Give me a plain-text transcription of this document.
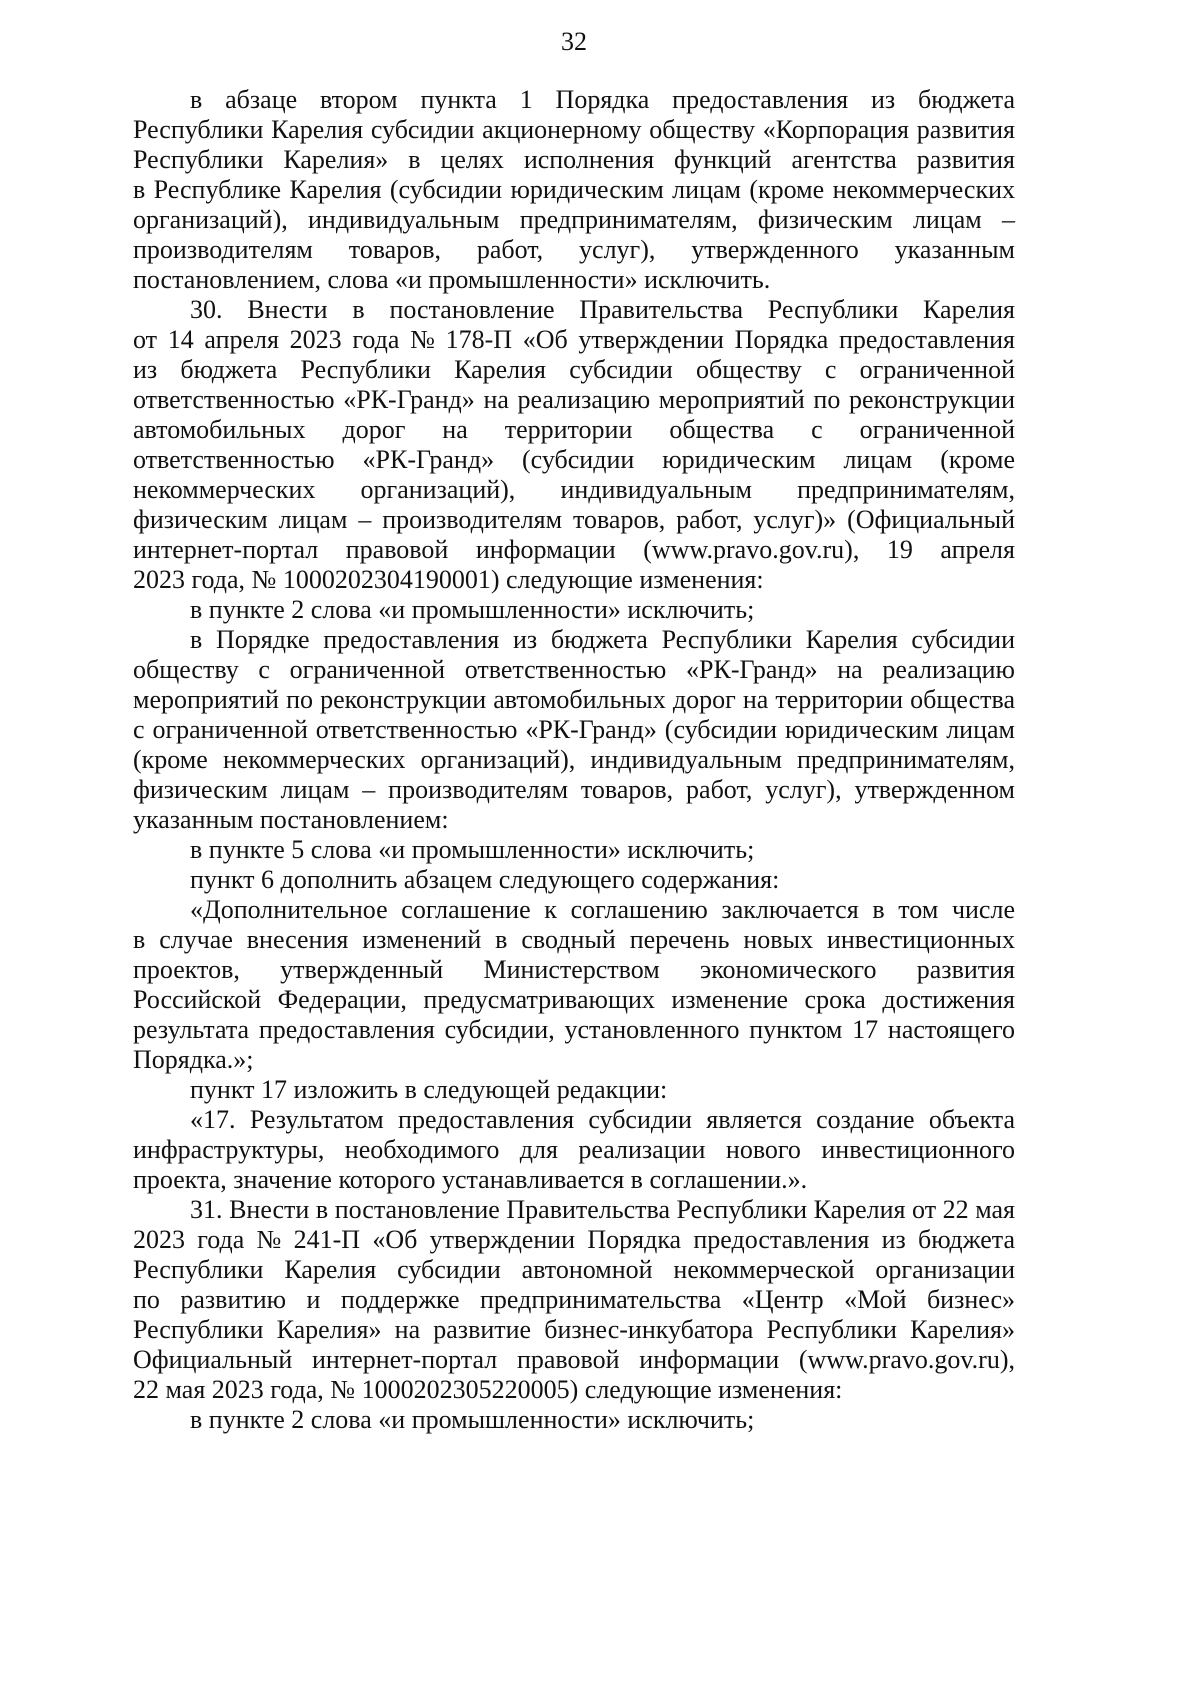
32
в абзаце втором пункта 1 Порядка предоставления из бюджета
Республики Карелия субсидии акционерному обществу «Корпорация развития
Республики Карелия» в целях исполнения функций агентства развития
в Республике Карелия (субсидии юридическим лицам (кроме некоммерческих
организаций), индивидуальным предпринимателям, физическим лицам –
производителям товаров, работ, услуг), утвержденного указанным
постановлением, слова «и промышленности» исключить.
30. Внести в постановление Правительства Республики Карелия
от 14 апреля 2023 года № 178-П «Об утверждении Порядка предоставления
из бюджета Республики Карелия субсидии обществу с ограниченной
ответственностью «РК-Гранд» на реализацию мероприятий по реконструкции
автомобильных дорог на территории общества с ограниченной
ответственностью «РК-Гранд» (субсидии юридическим лицам (кроме
некоммерческих организаций), индивидуальным предпринимателям,
физическим лицам – производителям товаров, работ, услуг)» (Официальный
интернет-портал правовой информации (www.pravo.gov.ru), 19 апреля
2023 года, № 1000202304190001) следующие изменения:
в пункте 2 слова «и промышленности» исключить;
в Порядке предоставления из бюджета Республики Карелия субсидии
обществу с ограниченной ответственностью «РК-Гранд» на реализацию
мероприятий по реконструкции автомобильных дорог на территории общества
с ограниченной ответственностью «РК-Гранд» (субсидии юридическим лицам
(кроме некоммерческих организаций), индивидуальным предпринимателям,
физическим лицам – производителям товаров, работ, услуг), утвержденном
указанным постановлением:
в пункте 5 слова «и промышленности» исключить;
пункт 6 дополнить абзацем следующего содержания:
«Дополнительное соглашение к соглашению заключается в том числе
в случае внесения изменений в сводный перечень новых инвестиционных
проектов, утвержденный Министерством экономического развития
Российской Федерации, предусматривающих изменение срока достижения
результата предоставления субсидии, установленного пунктом 17 настоящего
Порядка.»;
пункт 17 изложить в следующей редакции:
«17. Результатом предоставления субсидии является создание объекта
инфраструктуры, необходимого для реализации нового инвестиционного
проекта, значение которого устанавливается в соглашении.».
31. Внести в постановление Правительства Республики Карелия от 22 мая
2023 года № 241-П «Об утверждении Порядка предоставления из бюджета
Республики Карелия субсидии автономной некоммерческой организации
по развитию и поддержке предпринимательства «Центр «Мой бизнес»
Республики Карелия» на развитие бизнес-инкубатора Республики Карелия»
Официальный интернет-портал правовой информации (www.pravo.gov.ru),
22 мая 2023 года, № 1000202305220005) следующие изменения:
в пункте 2 слова «и промышленности» исключить;
